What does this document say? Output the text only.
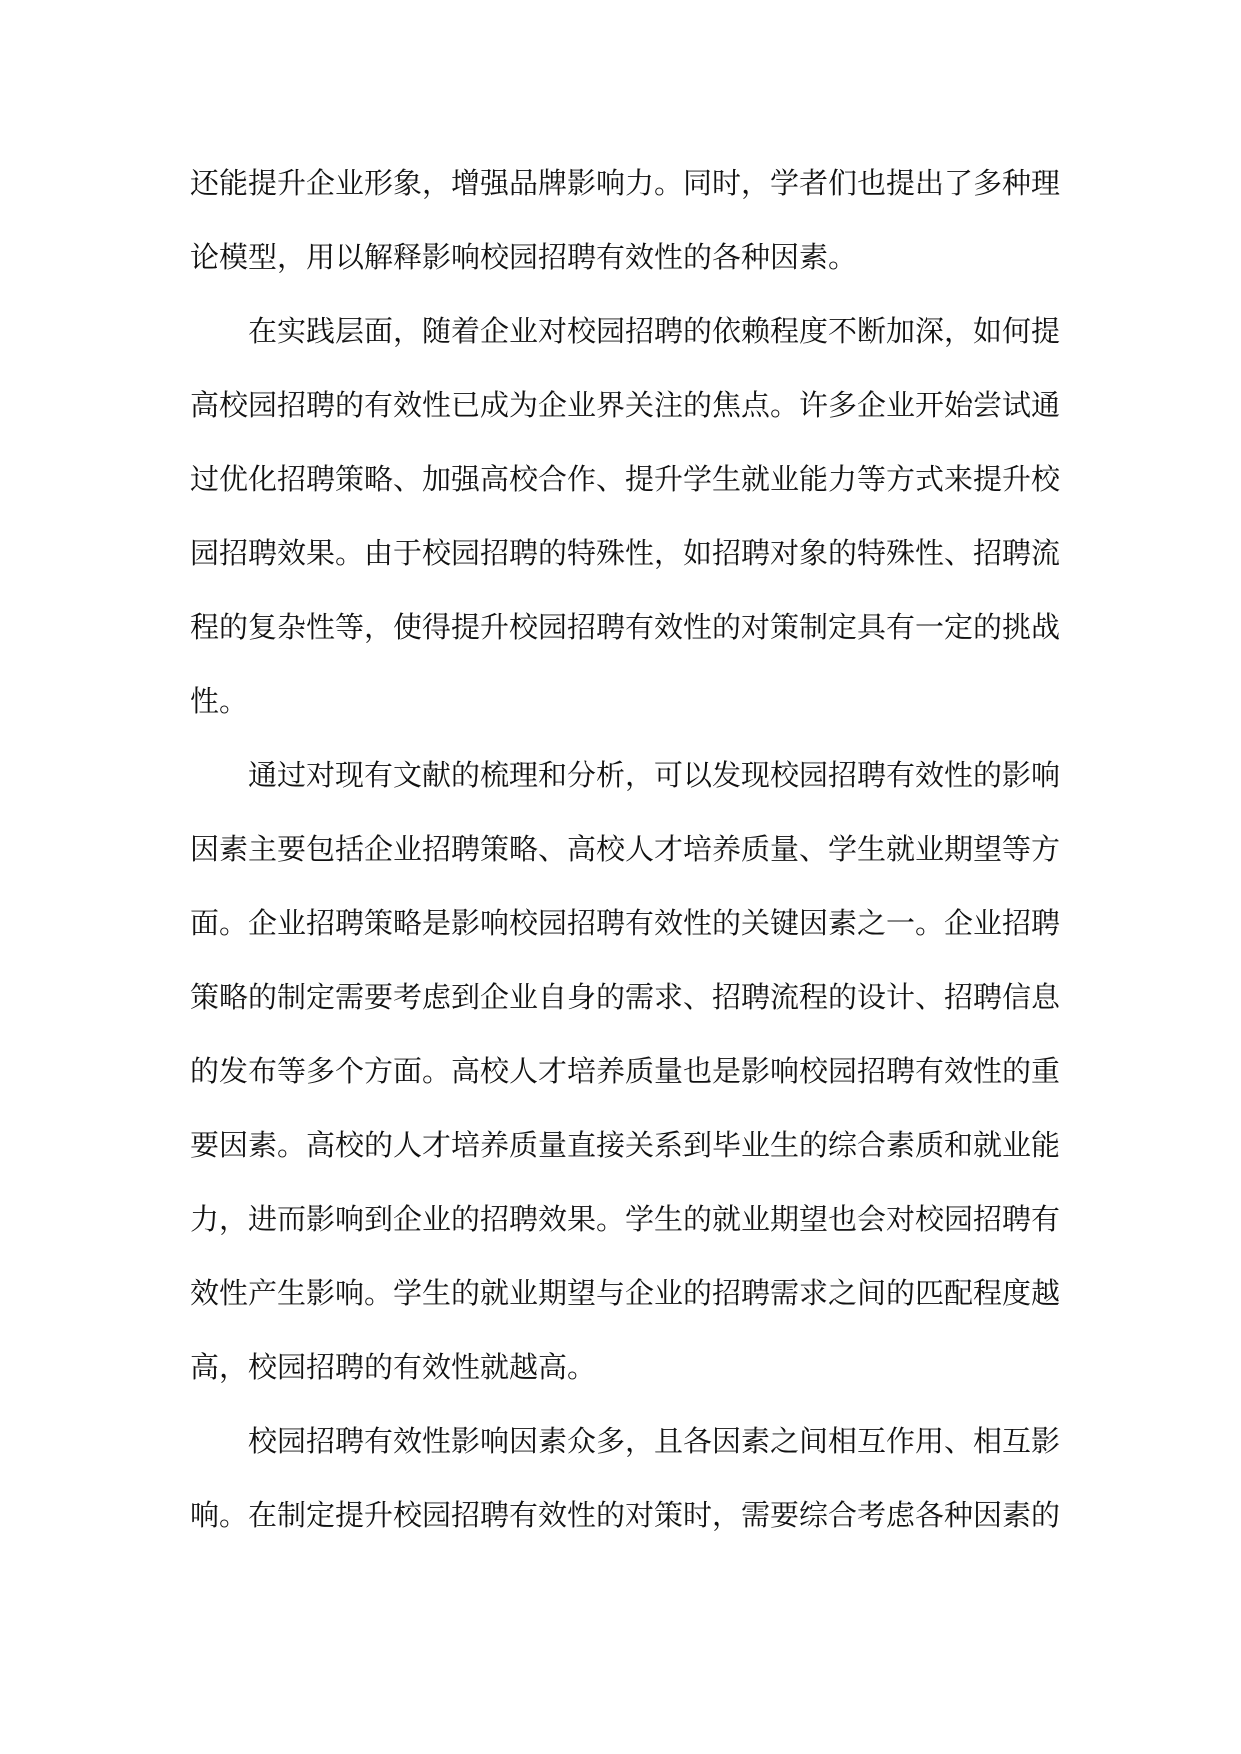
还能提升企业形象，增强品牌影响力。同时，学者们也提出了多种理论模型，用以解释影响校园招聘有效性的各种因素。

在实践层面，随着企业对校园招聘的依赖程度不断加深，如何提高校园招聘的有效性已成为企业界关注的焦点。许多企业开始尝试通过优化招聘策略、加强高校合作、提升学生就业能力等方式来提升校园招聘效果。由于校园招聘的特殊性，如招聘对象的特殊性、招聘流程的复杂性等，使得提升校园招聘有效性的对策制定具有一定的挑战性。

通过对现有文献的梳理和分析，可以发现校园招聘有效性的影响因素主要包括企业招聘策略、高校人才培养质量、学生就业期望等方面。企业招聘策略是影响校园招聘有效性的关键因素之一。企业招聘策略的制定需要考虑到企业自身的需求、招聘流程的设计、招聘信息的发布等多个方面。高校人才培养质量也是影响校园招聘有效性的重要因素。高校的人才培养质量直接关系到毕业生的综合素质和就业能力，进而影响到企业的招聘效果。学生的就业期望也会对校园招聘有效性产生影响。学生的就业期望与企业的招聘需求之间的匹配程度越高，校园招聘的有效性就越高。

校园招聘有效性影响因素众多，且各因素之间相互作用、相互影响。在制定提升校园招聘有效性的对策时，需要综合考虑各种因素的
